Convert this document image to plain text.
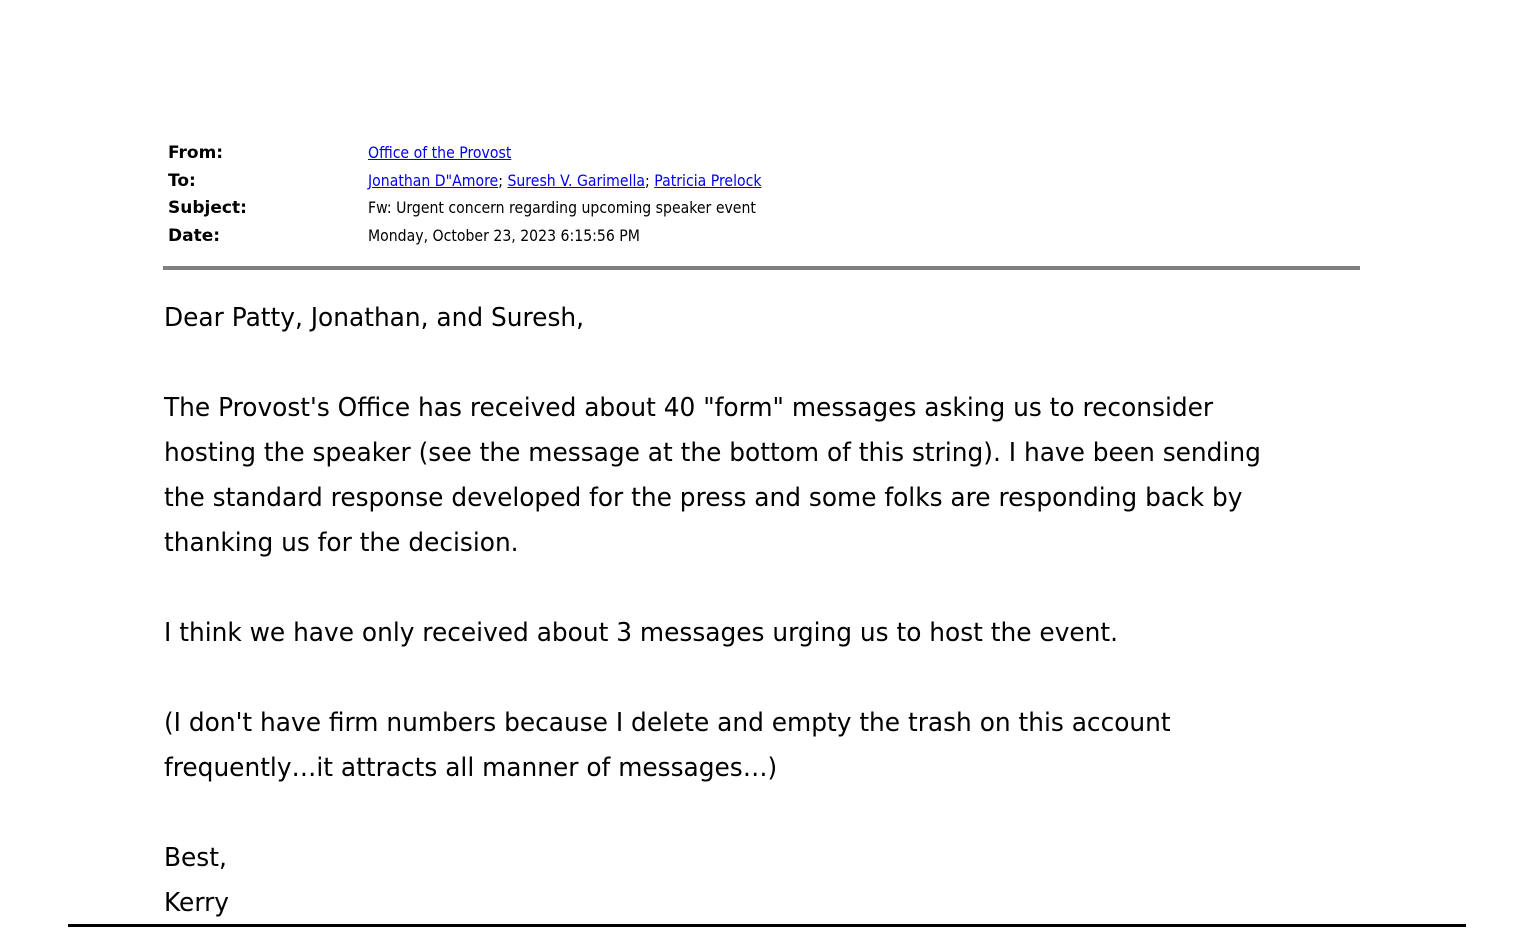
From:	Office of the Provost
To:	Jonathan D"Amore; Suresh V. Garimella; Patricia Prelock
Subject:	Fw: Urgent concern regarding upcoming speaker event
Date:	Monday, October 23, 2023 6:15:56 PM

Dear Patty, Jonathan, and Suresh,

The Provost's Office has received about 40 "form" messages asking us to reconsider
hosting the speaker (see the message at the bottom of this string). I have been sending
the standard response developed for the press and some folks are responding back by
thanking us for the decision.

I think we have only received about 3 messages urging us to host the event.

(I don't have firm numbers because I delete and empty the trash on this account
frequently…it attracts all manner of messages…)

Best,
Kerry
